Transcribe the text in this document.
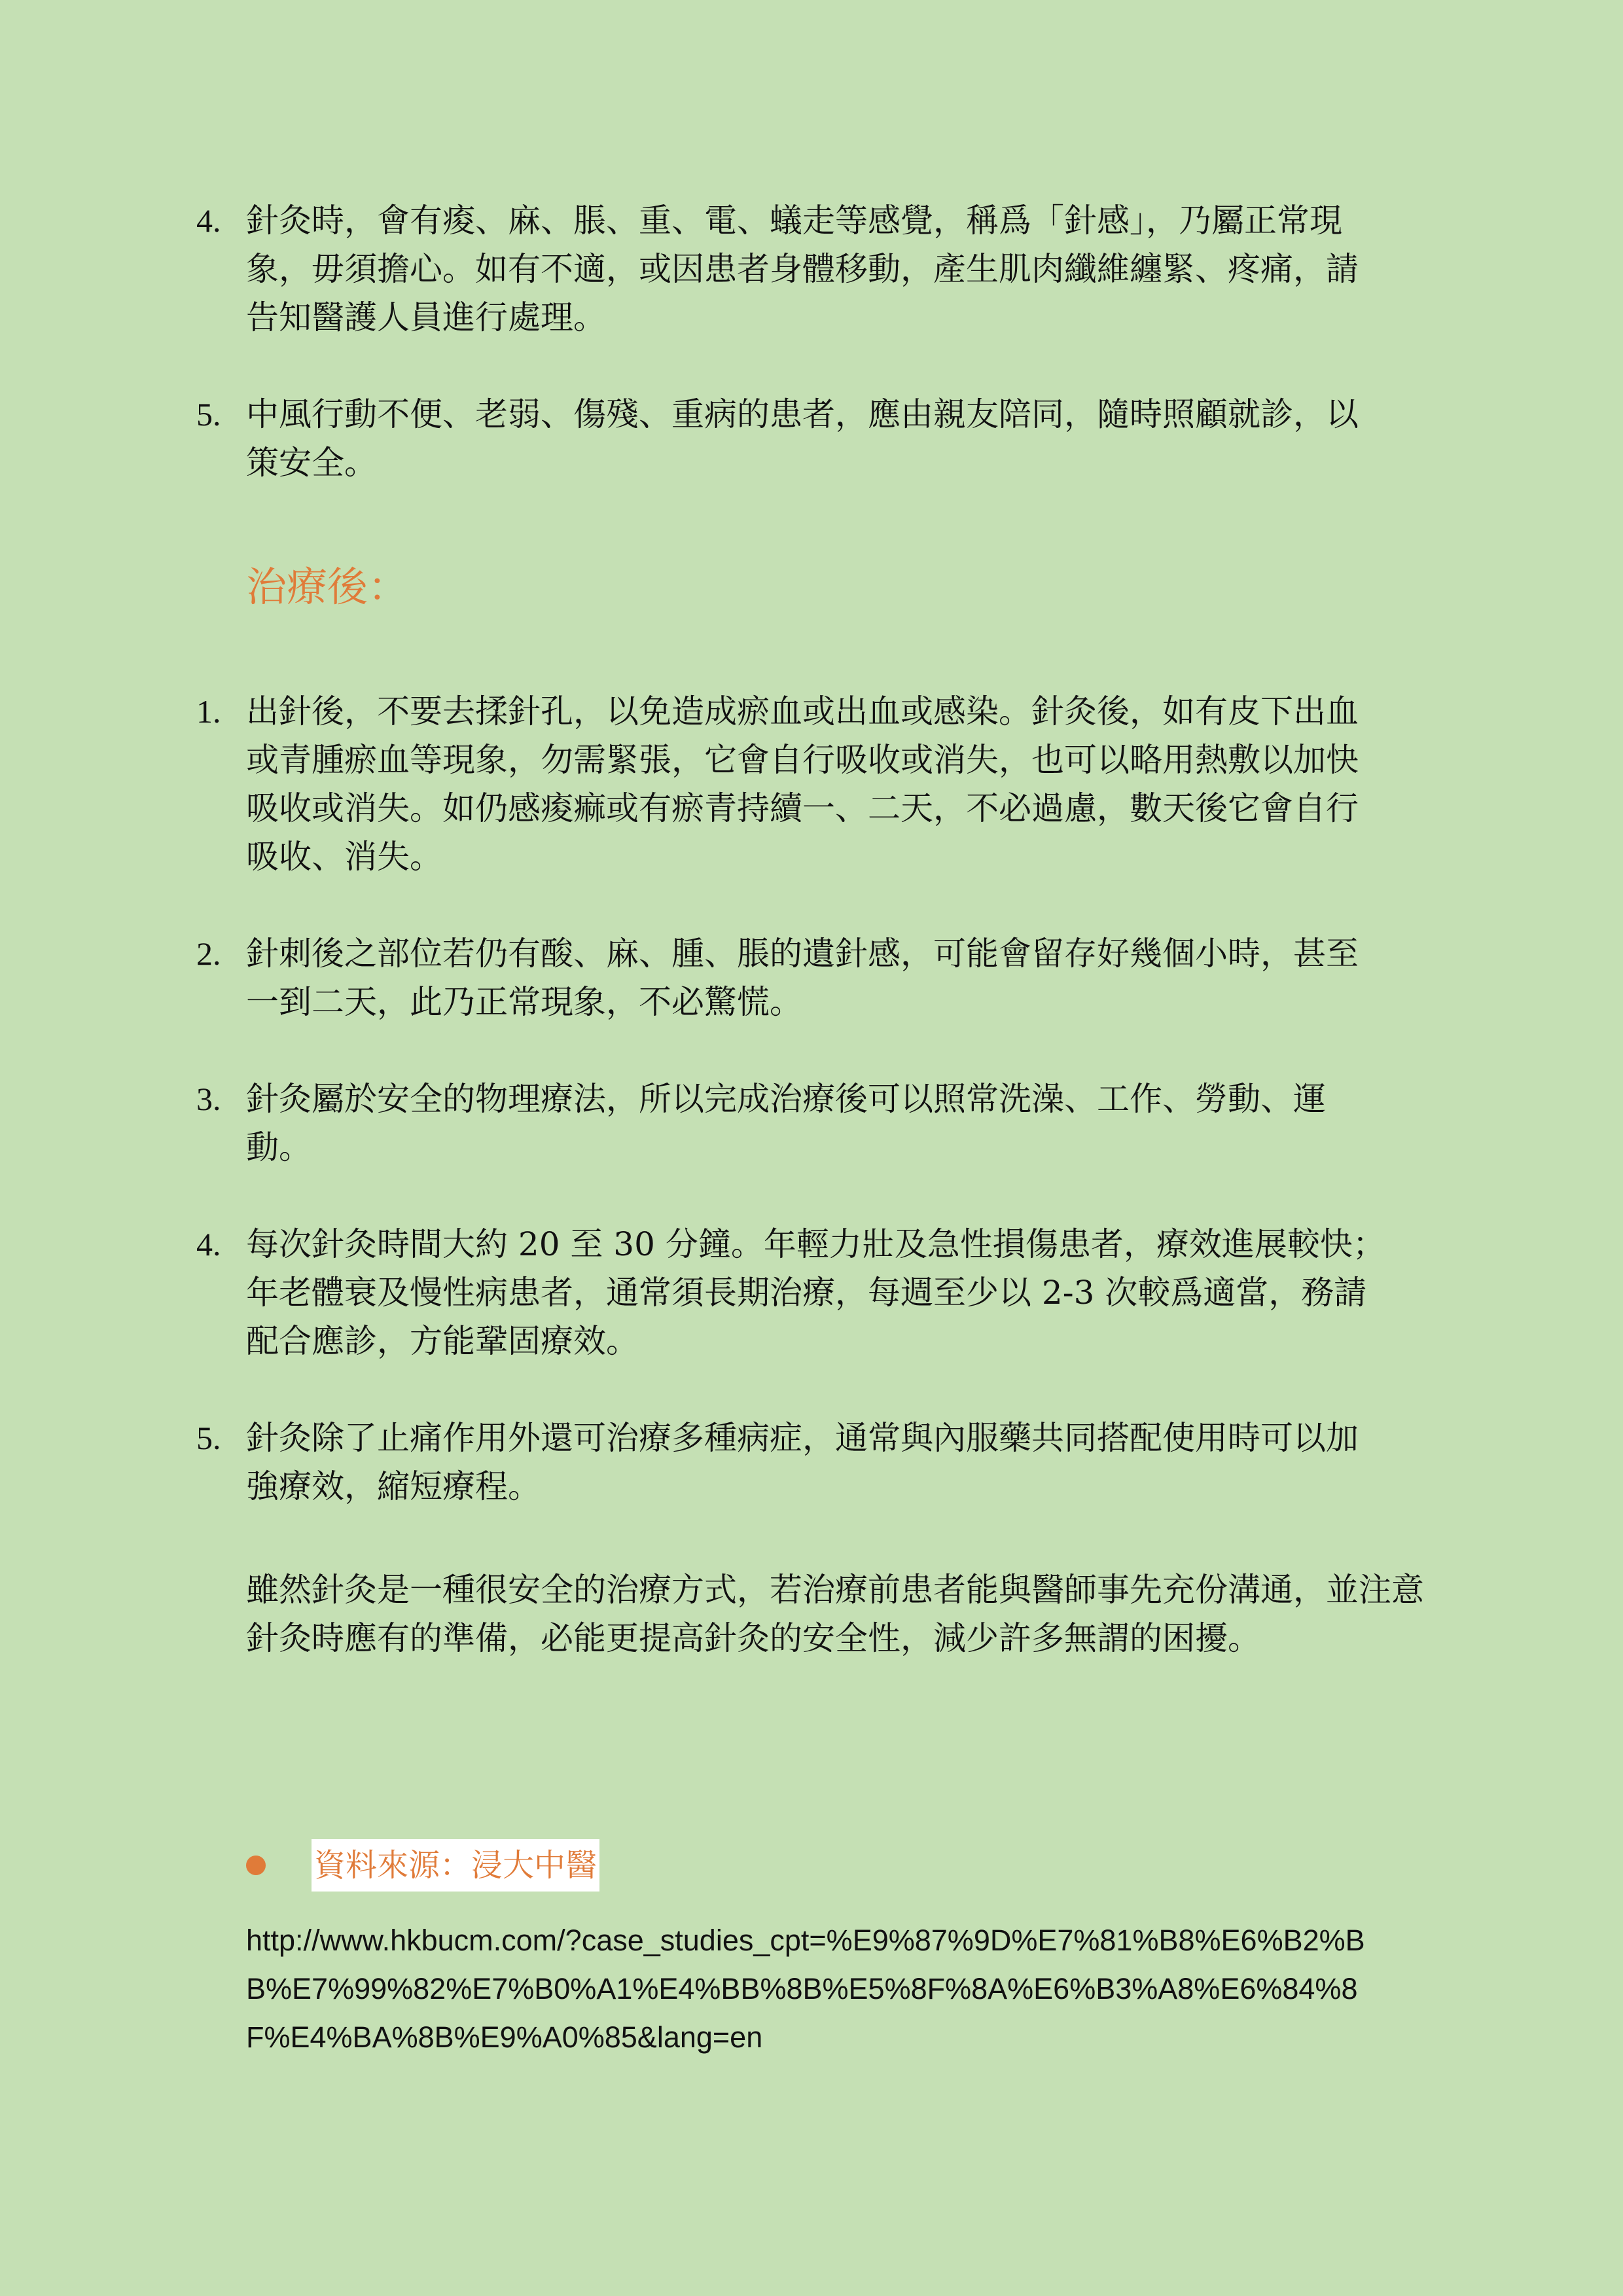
4. 針灸時，會有痠、麻、脹、重、電、蟻走等感覺，稱爲「針感」，乃屬正常現象，毋須擔心。如有不適，或因患者身體移動，產生肌肉纖維纏緊、疼痛，請告知醫護人員進行處理。
5. 中風行動不便、老弱、傷殘、重病的患者，應由親友陪同，隨時照顧就診，以策安全。
治療後：
1. 出針後，不要去揉針孔，以免造成瘀血或出血或感染。針灸後，如有皮下出血或青腫瘀血等現象，勿需緊張，它會自行吸收或消失，也可以略用熱敷以加快吸收或消失。如仍感痠痲或有瘀青持續一、二天，不必過慮，數天後它會自行吸收、消失。
2. 針刺後之部位若仍有酸、麻、腫、脹的遺針感，可能會留存好幾個小時，甚至一到二天，此乃正常現象，不必驚慌。
3. 針灸屬於安全的物理療法，所以完成治療後可以照常洗澡、工作、勞動、運動。
4. 每次針灸時間大約 20 至 30 分鐘。年輕力壯及急性損傷患者，療效進展較快；年老體衰及慢性病患者，通常須長期治療，每週至少以 2-3 次較爲適當，務請配合應診，方能鞏固療效。
5. 針灸除了止痛作用外還可治療多種病症，通常與內服藥共同搭配使用時可以加強療效，縮短療程。
雖然針灸是一種很安全的治療方式，若治療前患者能與醫師事先充份溝通，並注意針灸時應有的準備，必能更提高針灸的安全性，減少許多無謂的困擾。
資料來源：浸大中醫
http://www.hkbucm.com/?case_studies_cpt=%E9%87%9D%E7%81%B8%E6%B2%BB%E7%99%82%E7%B0%A1%E4%BB%8B%E5%8F%8A%E6%B3%A8%E6%84%8F%E4%BA%8B%E9%A0%85&lang=en
